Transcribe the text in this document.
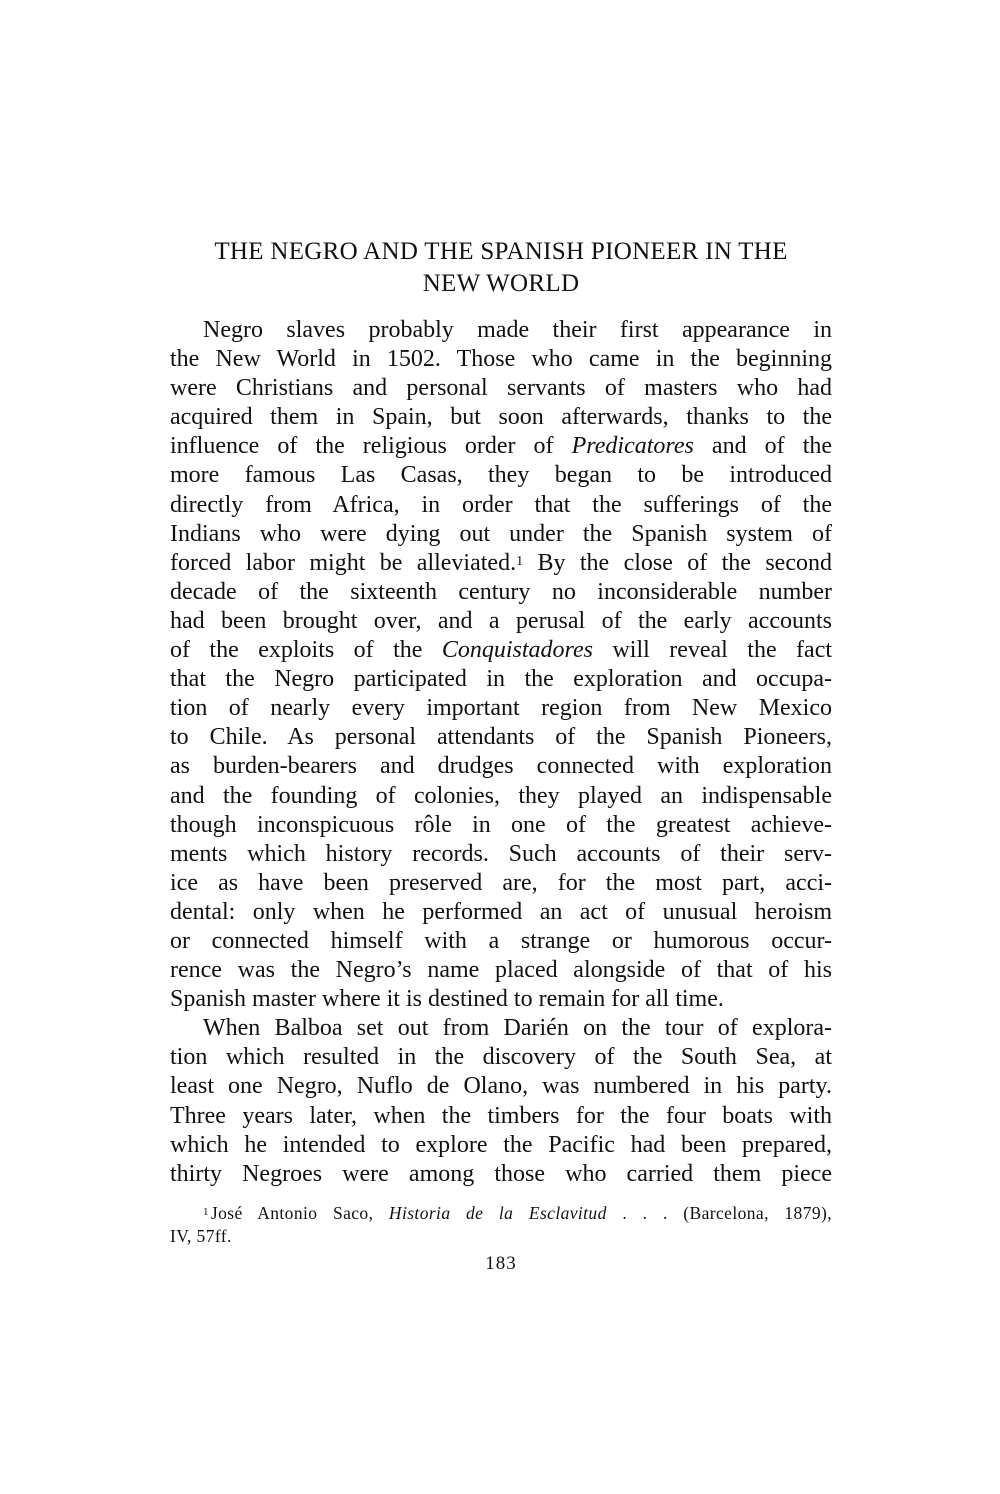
THE NEGRO AND THE SPANISH PIONEER IN THE
NEW WORLD
Negro slaves probably made their first appearance in
the New World in 1502. Those who came in the beginning
were Christians and personal servants of masters who had
acquired them in Spain, but soon afterwards, thanks to the
influence of the religious order of Predicatores and of the
more famous Las Casas, they began to be introduced
directly from Africa, in order that the sufferings of the
Indians who were dying out under the Spanish system of
forced labor might be alleviated.$^1$ By the close of the second
decade of the sixteenth century no inconsiderable number
had been brought over, and a perusal of the early accounts
of the exploits of the Conquistadores will reveal the fact
that the Negro participated in the exploration and occupa-
tion of nearly every important region from New Mexico
to Chile. As personal attendants of the Spanish Pioneers,
as burden-bearers and drudges connected with exploration
and the founding of colonies, they played an indispensable
though inconspicuous rôle in one of the greatest achieve-
ments which history records. Such accounts of their serv-
ice as have been preserved are, for the most part, acci-
dental: only when he performed an act of unusual heroism
or connected himself with a strange or humorous occur-
rence was the Negro’s name placed alongside of that of his
Spanish master where it is destined to remain for all time.
When Balboa set out from Darién on the tour of explora-
tion which resulted in the discovery of the South Sea, at
least one Negro, Nuflo de Olano, was numbered in his party.
Three years later, when the timbers for the four boats with
which he intended to explore the Pacific had been prepared,
thirty Negroes were among those who carried them piece
$^1$ José Antonio Saco, Historia de la Esclavitud . . . (Barcelona, 1879),
IV, 57ff.
183
